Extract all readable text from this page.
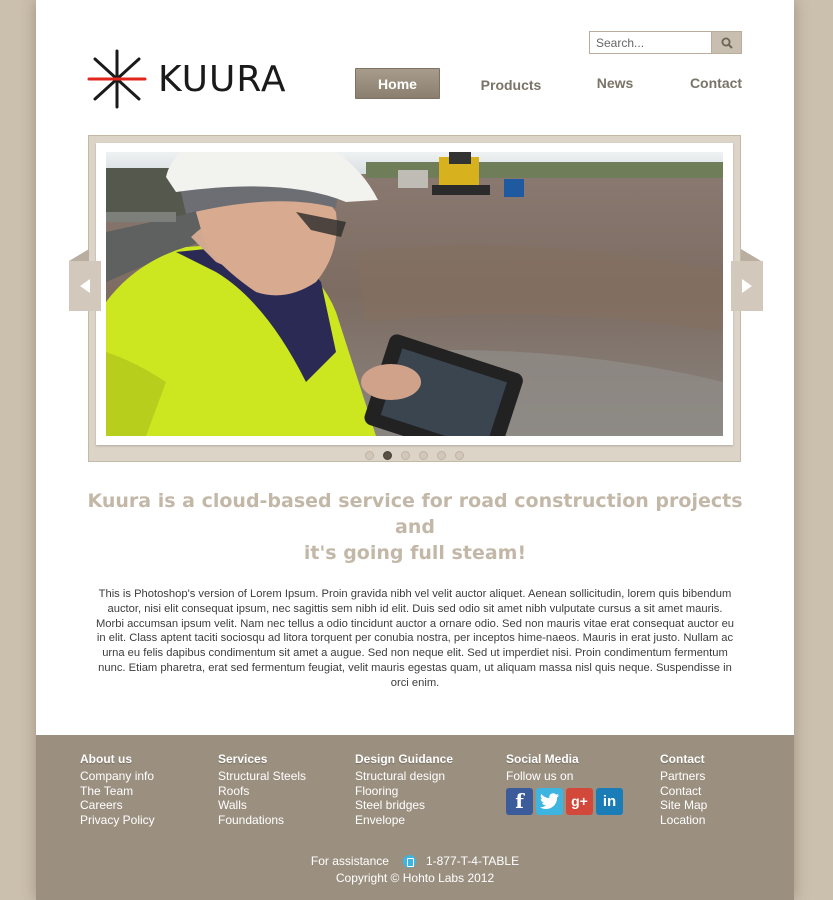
KUURA
Search...	Home	Products	News	Contact
Kuura is a cloud-based service for road construction projects
and
it's going full steam!

This is Photoshop's version of Lorem Ipsum. Proin gravida nibh vel velit auctor aliquet. Aenean sollicitudin, lorem quis bibendum auctor, nisi elit consequat ipsum, nec sagittis sem nibh id elit. Duis sed odio sit amet nibh vulputate cursus a sit amet mauris. Morbi accumsan ipsum velit. Nam nec tellus a odio tincidunt auctor a ornare odio. Sed non mauris vitae erat consequat auctor eu in elit. Class aptent taciti sociosqu ad litora torquent per conubia nostra, per inceptos hime-naeos. Mauris in erat justo. Nullam ac urna eu felis dapibus condimentum sit amet a augue. Sed non neque elit. Sed ut imperdiet nisi. Proin condimentum fermentum nunc. Etiam pharetra, erat sed fermentum feugiat, velit mauris egestas quam, ut aliquam massa nisl quis neque. Suspendisse in orci enim.

About us
Company info
The Team
Careers
Privacy Policy
Services
Structural Steels
Roofs
Walls
Foundations
Design Guidance
Structural design
Flooring
Steel bridges
Envelope
Social Media
Follow us on
f	g+ in
Contact
Partners
Contact
Site Map
Location
For assistance	1-877-T-4-TABLE
Copyright © Hohto Labs 2012
